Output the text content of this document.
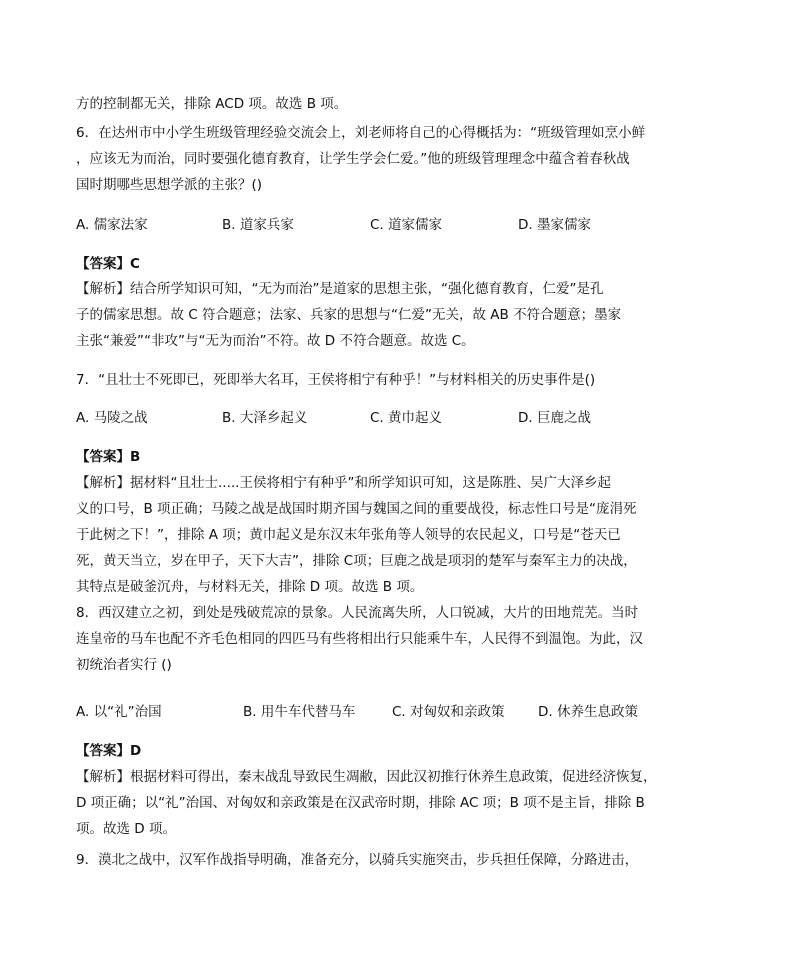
方的控制都无关，排除 ACD 项。故选 B 项。
6．在达州市中小学生班级管理经验交流会上，刘老师将自己的心得概括为：“班级管理如烹小鲜
，应该无为而治，同时要强化德育教育，让学生学会仁爱。”他的班级管理理念中蕴含着春秋战
国时期哪些思想学派的主张？()
A. 儒家法家	B. 道家兵家	C. 道家儒家	D. 墨家儒家
【答案】C
【解析】结合所学知识可知，“无为而治”是道家的思想主张，“强化德育教育，仁爱”是孔
子的儒家思想。故 C 符合题意；法家、兵家的思想与“仁爱”无关，故 AB 不符合题意；墨家
主张“兼爱”“非攻”与“无为而治”不符。故 D 不符合题意。故选 C。
7．“且壮士不死即已，死即举大名耳，王侯将相宁有种乎！”与材料相关的历史事件是()
A. 马陵之战	B. 大泽乡起义	C. 黄巾起义	D. 巨鹿之战
【答案】B
【解析】据材料“且壮士.....王侯将相宁有种乎”和所学知识可知，这是陈胜、吴广大泽乡起
义的口号，B 项正确；马陵之战是战国时期齐国与魏国之间的重要战役，标志性口号是“庞涓死
于此树之下！”，排除 A 项；黄巾起义是东汉末年张角等人领导的农民起义，口号是“苍天已
死，黄天当立，岁在甲子，天下大吉”，排除 C项；巨鹿之战是项羽的楚军与秦军主力的决战，
其特点是破釜沉舟，与材料无关，排除 D 项。故选 B 项。
8．西汉建立之初，到处是残破荒凉的景象。人民流离失所，人口锐减，大片的田地荒芜。当时
连皇帝的马车也配不齐毛色相同的四匹马有些将相出行只能乘牛车，人民得不到温饱。为此，汉
初统治者实行 ()
A. 以“礼”治国	B. 用牛车代替马车	C. 对匈奴和亲政策 D. 休养生息政策
【答案】D
【解析】根据材料可得出，秦末战乱导致民生凋敝，因此汉初推行休养生息政策，促进经济恢复，
D 项正确；以“礼”治国、对匈奴和亲政策是在汉武帝时期，排除 AC 项；B 项不是主旨，排除 B
项。故选 D 项。
9．漠北之战中，汉军作战指导明确，准备充分，以骑兵实施突击，步兵担任保障，分路进击，
